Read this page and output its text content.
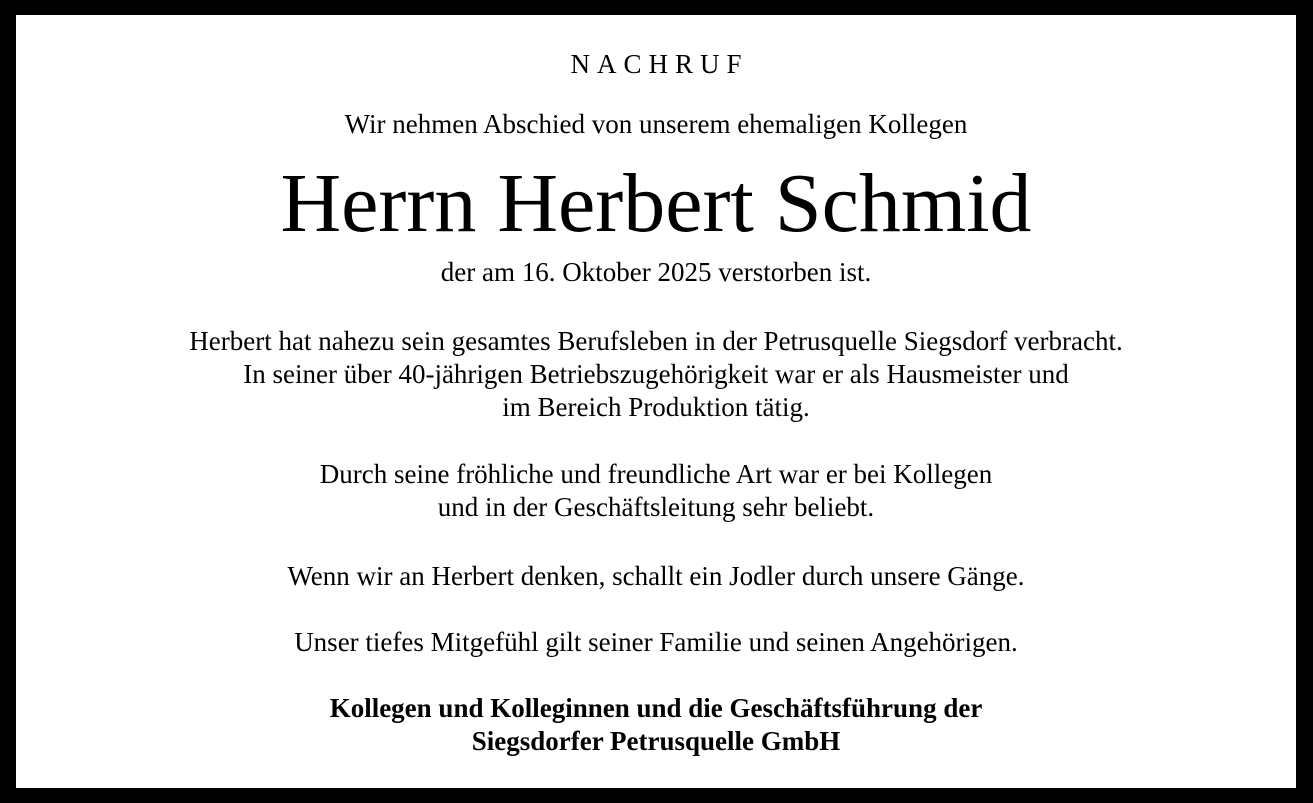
NACHRUF
Wir nehmen Abschied von unserem ehemaligen Kollegen
Herrn Herbert Schmid
der am 16. Oktober 2025 verstorben ist.
Herbert hat nahezu sein gesamtes Berufsleben in der Petrusquelle Siegsdorf verbracht.
In seiner über 40-jährigen Betriebszugehörigkeit war er als Hausmeister und
im Bereich Produktion tätig.
Durch seine fröhliche und freundliche Art war er bei Kollegen
und in der Geschäftsleitung sehr beliebt.
Wenn wir an Herbert denken, schallt ein Jodler durch unsere Gänge.
Unser tiefes Mitgefühl gilt seiner Familie und seinen Angehörigen.
Kollegen und Kolleginnen und die Geschäftsführung der
Siegsdorfer Petrusquelle GmbH
